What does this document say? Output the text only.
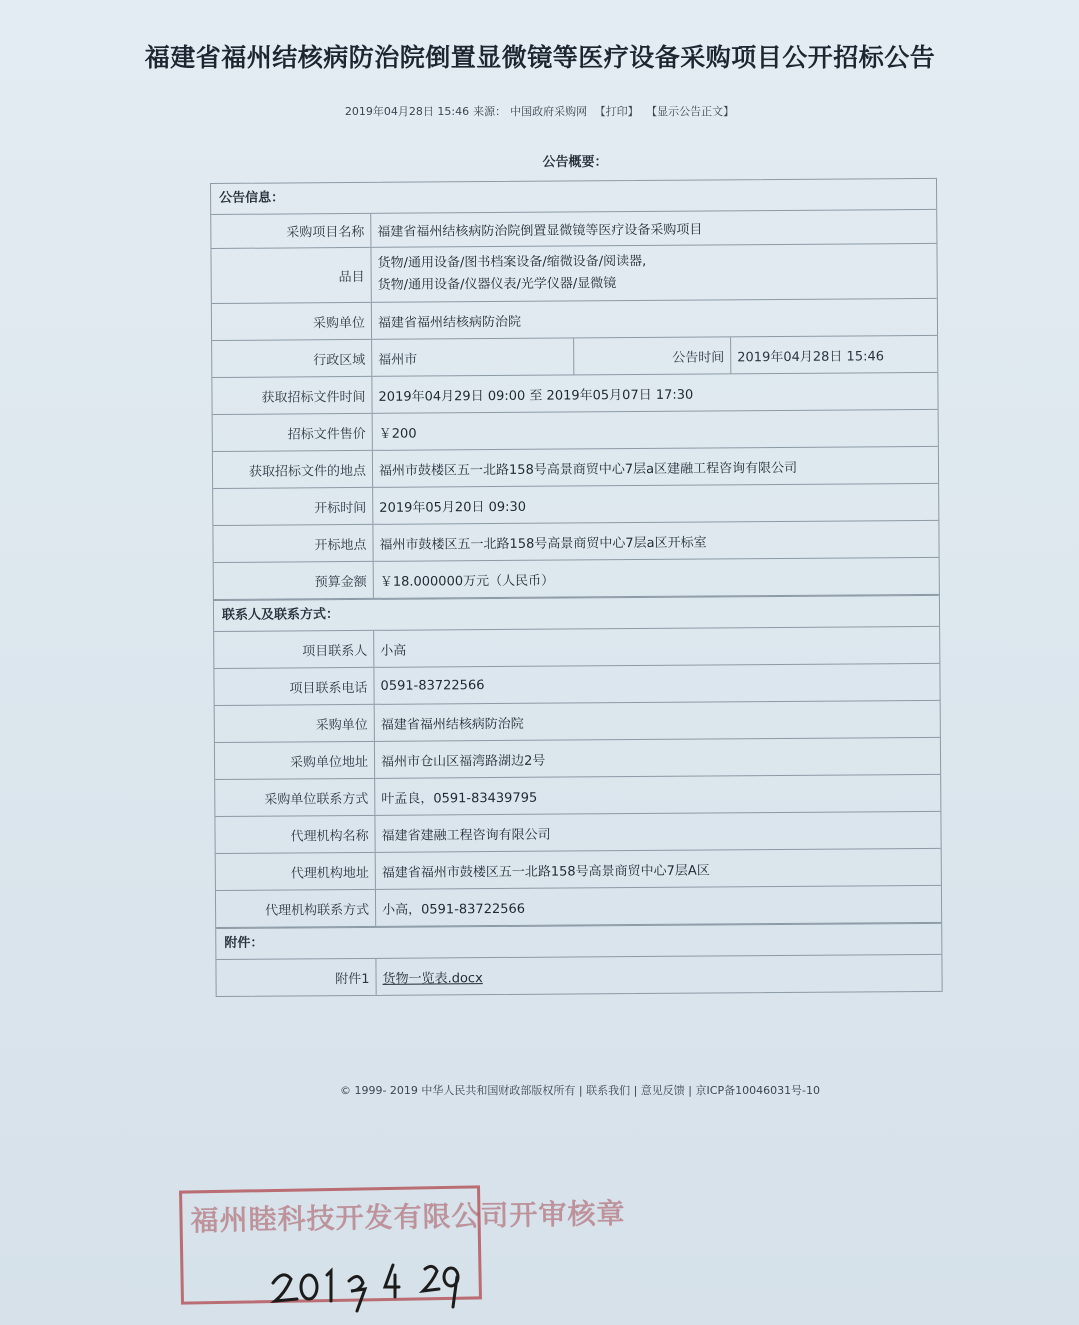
福建省福州结核病防治院倒置显微镜等医疗设备采购项目公开招标公告
2019年04月28日 15:46 来源： 中国政府采购网 【打印】 【显示公告正文】
公告概要：
公告信息：
采购项目名称 福建省福州结核病防治院倒置显微镜等医疗设备采购项目
品目
货物/通用设备/图书档案设备/缩微设备/阅读器,
货物/通用设备/仪器仪表/光学仪器/显微镜
采购单位 福建省福州结核病防治院
行政区域 福州市	公告时间 2019年04月28日 15:46
获取招标文件时间 2019年04月29日 09:00 至 2019年05月07日 17:30
招标文件售价 ￥200
获取招标文件的地点 福州市鼓楼区五一北路158号高景商贸中心7层a区建融工程咨询有限公司
开标时间 2019年05月20日 09:30
开标地点 福州市鼓楼区五一北路158号高景商贸中心7层a区开标室
预算金额 ￥18.000000万元（人民币）
联系人及联系方式：
项目联系人 小高
项目联系电话 0591-83722566
采购单位 福建省福州结核病防治院
采购单位地址 福州市仓山区福湾路湖边2号
采购单位联系方式 叶孟良，0591-83439795
代理机构名称 福建省建融工程咨询有限公司
代理机构地址 福建省福州市鼓楼区五一北路158号高景商贸中心7层A区
代理机构联系方式 小高，0591-83722566
附件：
附件1 货物一览表.docx
© 1999- 2019 中华人民共和国财政部版权所有 | 联系我们 | 意见反馈 | 京ICP备10046031号-10
福州睦科技开发有限公司开审核章
